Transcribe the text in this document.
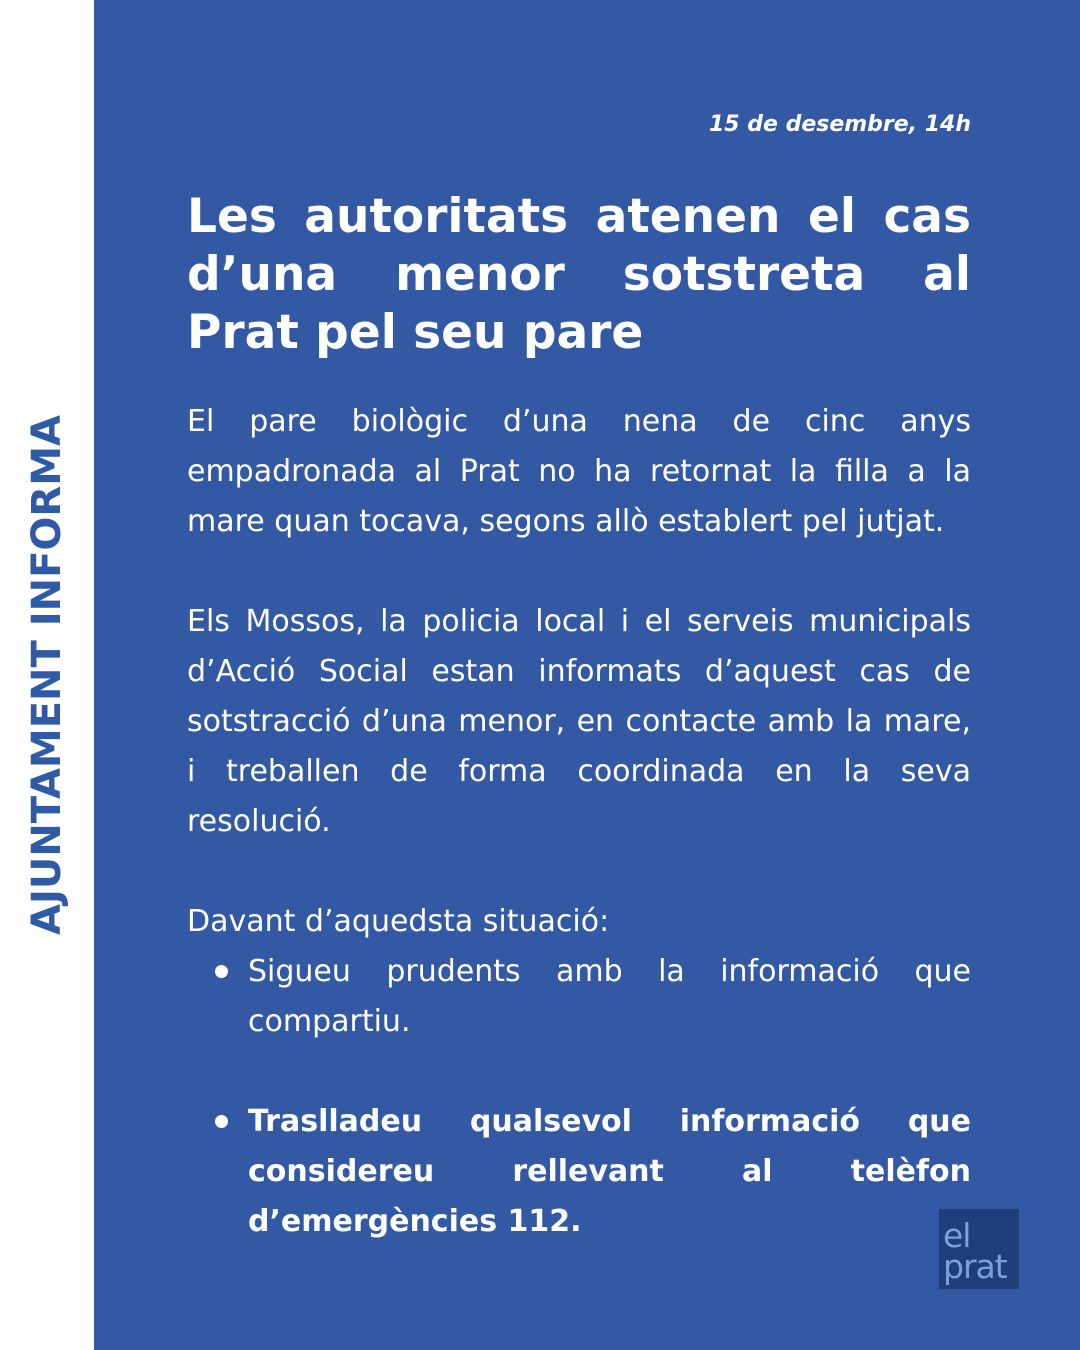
AJUNTAMENT INFORMA
15 de desembre, 14h
Les autoritats atenen el cas d’una menor sotstreta al Prat pel seu pare

El pare biològic d’una nena de cinc anys empadronada al Prat no ha retornat la filla a la mare quan tocava, segons allò establert pel jutjat.

Els Mossos, la policia local i el serveis municipals d’Acció Social estan informats d’aquest cas de sotstracció d’una menor, en contacte amb la mare, i treballen de forma coordinada en la seva resolució.

Davant d’aquedsta situació:

Sigueu prudents amb la informació que compartiu.
Traslladeu qualsevol informació que considereu rellevant al telèfon d’emergències 112.	el
prat
